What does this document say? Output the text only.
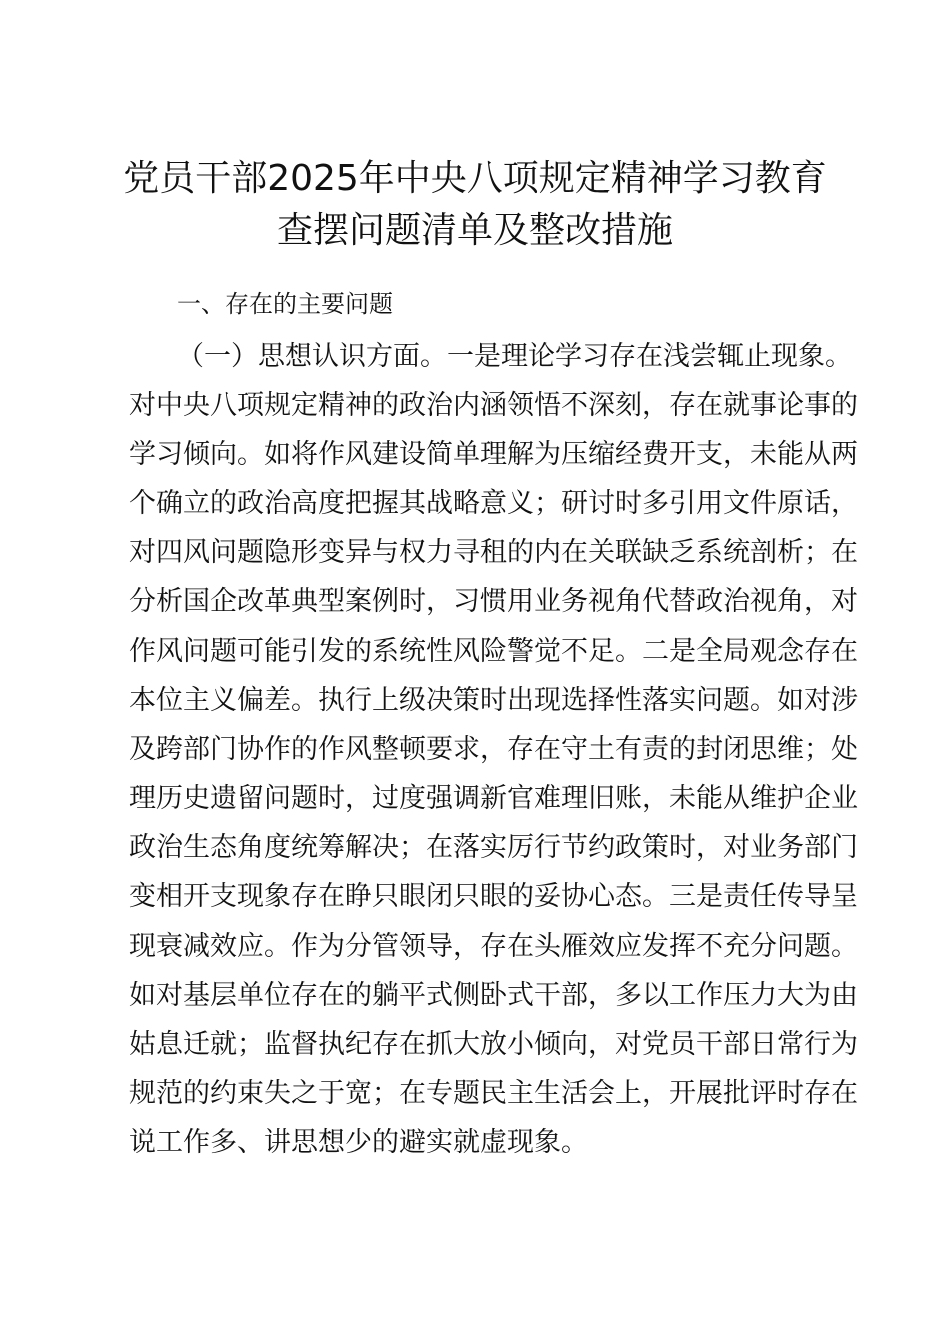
党员干部2025年中央八项规定精神学习教育
查摆问题清单及整改措施

一、存在的主要问题

（一）思想认识方面。一是理论学习存在浅尝辄止现象。

对中央八项规定精神的政治内涵领悟不深刻，存在就事论事的

学习倾向。如将作风建设简单理解为压缩经费开支，未能从两

个确立的政治高度把握其战略意义；研讨时多引用文件原话，

对四风问题隐形变异与权力寻租的内在关联缺乏系统剖析；在

分析国企改革典型案例时，习惯用业务视角代替政治视角，对

作风问题可能引发的系统性风险警觉不足。二是全局观念存在

本位主义偏差。执行上级决策时出现选择性落实问题。如对涉

及跨部门协作的作风整顿要求，存在守土有责的封闭思维；处

理历史遗留问题时，过度强调新官难理旧账，未能从维护企业

政治生态角度统筹解决；在落实厉行节约政策时，对业务部门

变相开支现象存在睁只眼闭只眼的妥协心态。三是责任传导呈

现衰减效应。作为分管领导，存在头雁效应发挥不充分问题。

如对基层单位存在的躺平式侧卧式干部，多以工作压力大为由

姑息迁就；监督执纪存在抓大放小倾向，对党员干部日常行为

规范的约束失之于宽；在专题民主生活会上，开展批评时存在

说工作多、讲思想少的避实就虚现象。
